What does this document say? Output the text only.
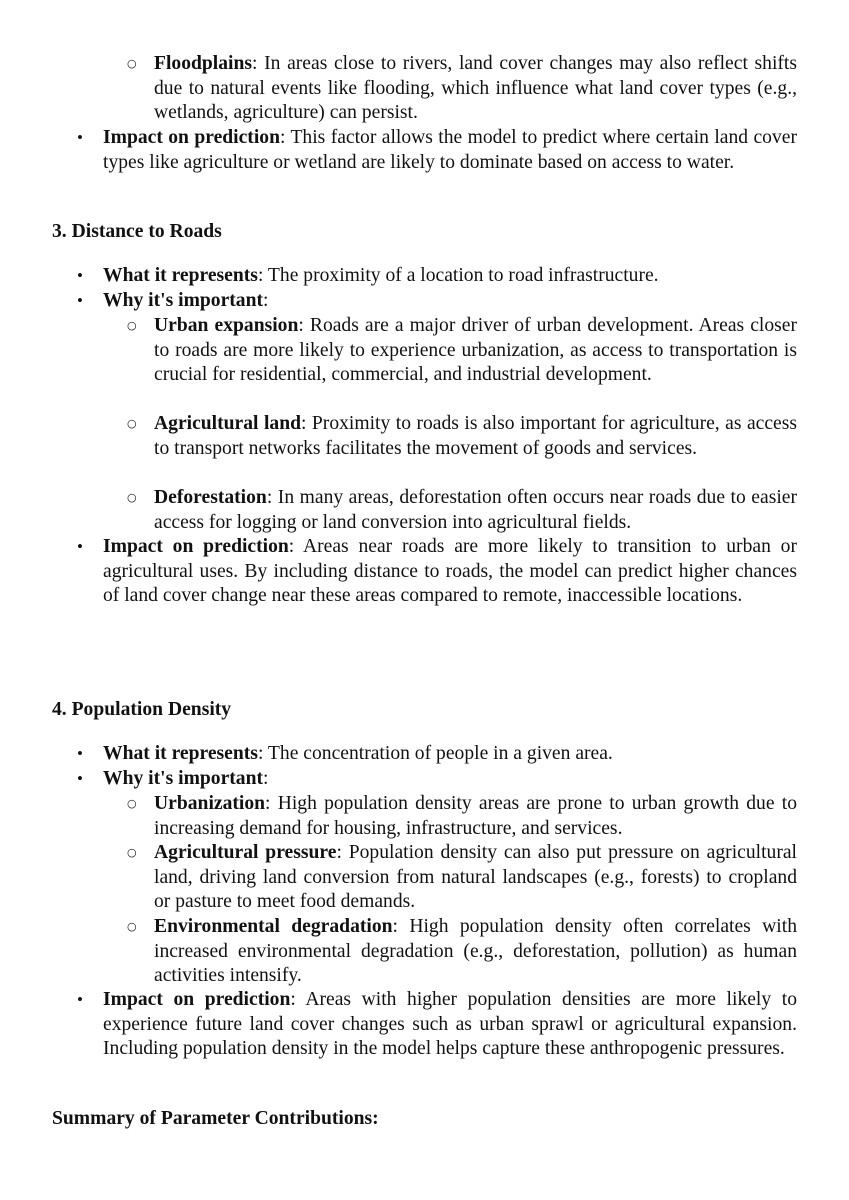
○ Floodplains: In areas close to rivers, land cover changes may also reflect shifts due to natural events like flooding, which influence what land cover types (e.g., wetlands, agriculture) can persist.
• Impact on prediction: This factor allows the model to predict where certain land cover types like agriculture or wetland are likely to dominate based on access to water.
3. Distance to Roads
• What it represents: The proximity of a location to road infrastructure.
• Why it's important:
○ Urban expansion: Roads are a major driver of urban development. Areas closer to roads are more likely to experience urbanization, as access to transportation is crucial for residential, commercial, and industrial development.
○ Agricultural land: Proximity to roads is also important for agriculture, as access to transport networks facilitates the movement of goods and services.
○ Deforestation: In many areas, deforestation often occurs near roads due to easier access for logging or land conversion into agricultural fields.
• Impact on prediction: Areas near roads are more likely to transition to urban or agricultural uses. By including distance to roads, the model can predict higher chances of land cover change near these areas compared to remote, inaccessible locations.
4. Population Density
• What it represents: The concentration of people in a given area.
• Why it's important:
○ Urbanization: High population density areas are prone to urban growth due to increasing demand for housing, infrastructure, and services.
○ Agricultural pressure: Population density can also put pressure on agricultural land, driving land conversion from natural landscapes (e.g., forests) to cropland or pasture to meet food demands.
○ Environmental degradation: High population density often correlates with increased environmental degradation (e.g., deforestation, pollution) as human activities intensify.
• Impact on prediction: Areas with higher population densities are more likely to experience future land cover changes such as urban sprawl or agricultural expansion. Including population density in the model helps capture these anthropogenic pressures.
Summary of Parameter Contributions:
